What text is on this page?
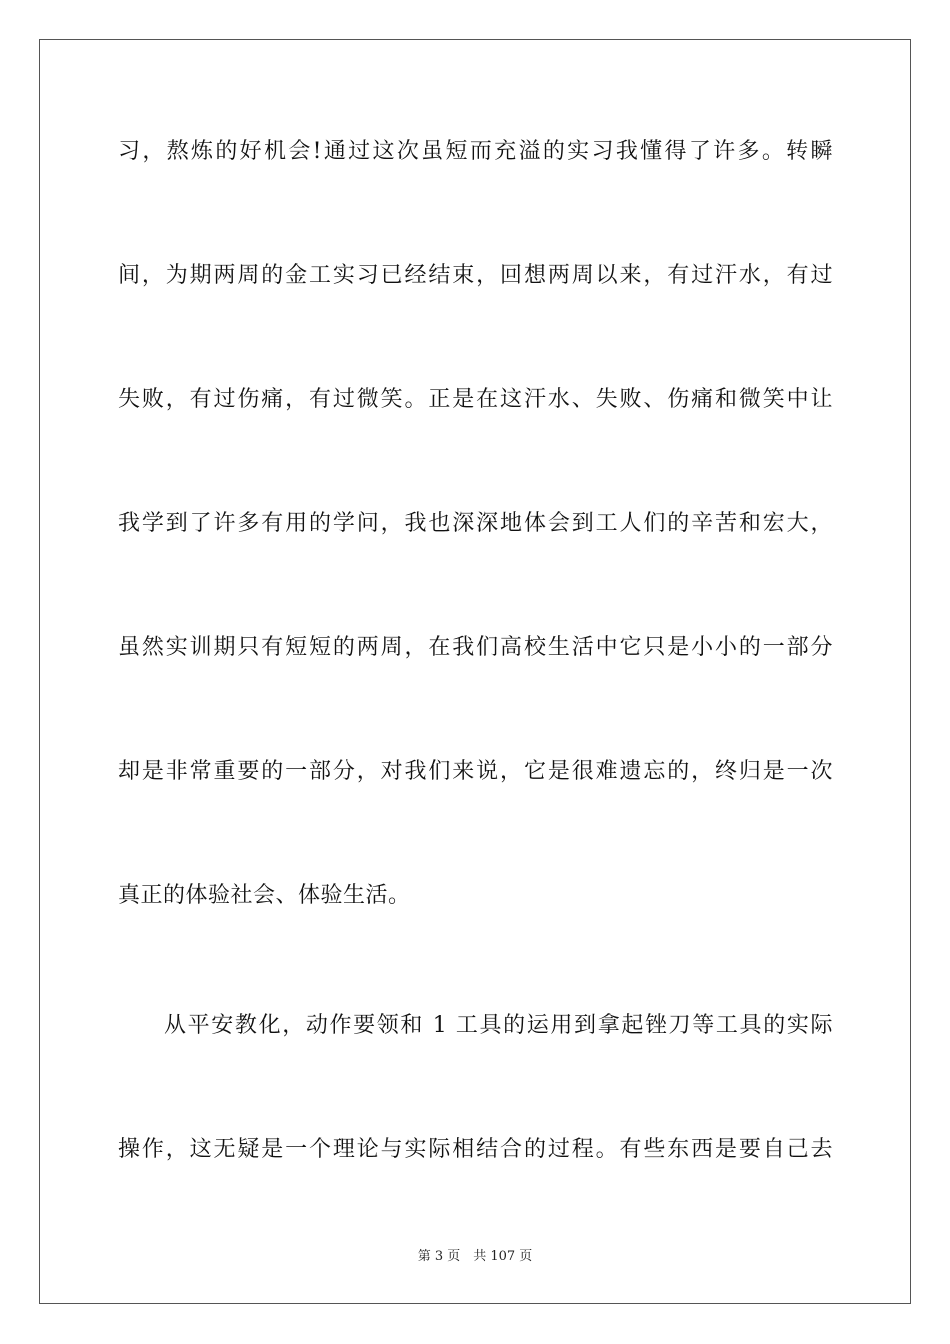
习，熬炼的好机会!通过这次虽短而充溢的实习我懂得了许多。转瞬
间，为期两周的金工实习已经结束，回想两周以来，有过汗水，有过
失败，有过伤痛，有过微笑。正是在这汗水、失败、伤痛和微笑中让
我学到了许多有用的学问，我也深深地体会到工人们的辛苦和宏大，
虽然实训期只有短短的两周，在我们高校生活中它只是小小的一部分
却是非常重要的一部分，对我们来说，它是很难遗忘的，终归是一次
真正的体验社会、体验生活。
从平安教化，动作要领和 1 工具的运用到拿起锉刀等工具的实际
操作，这无疑是一个理论与实际相结合的过程。有些东西是要自己去
第 3 页　共 107 页
